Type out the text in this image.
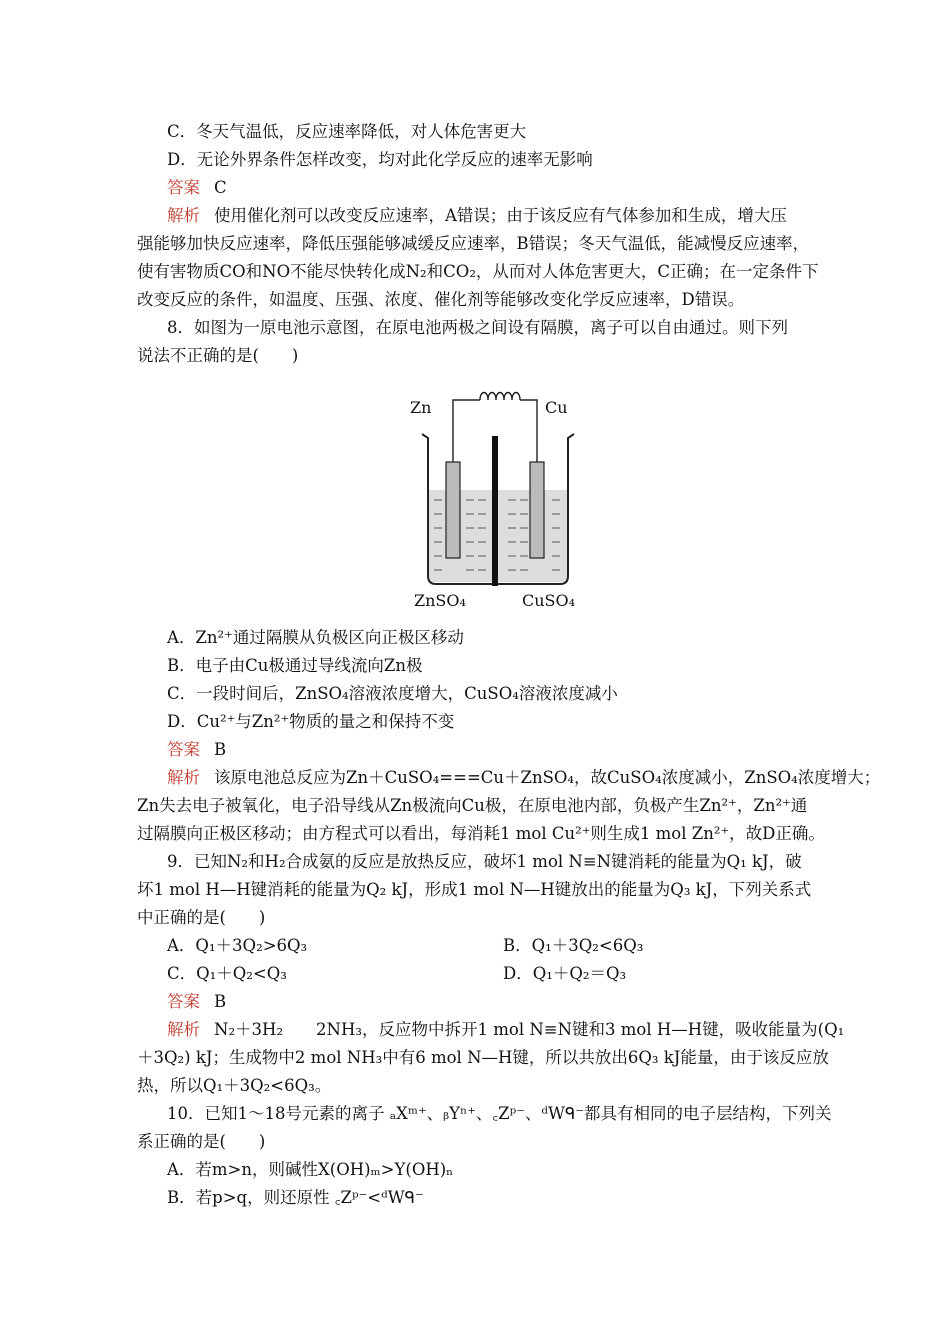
C．冬天气温低，反应速率降低，对人体危害更大
D．无论外界条件怎样改变，均对此化学反应的速率无影响
答案 C
解析 使用催化剂可以改变反应速率，A错误；由于该反应有气体参加和生成，增大压
强能够加快反应速率，降低压强能够减缓反应速率，B错误；冬天气温低，能减慢反应速率，
使有害物质CO和NO不能尽快转化成N₂和CO₂，从而对人体危害更大，C正确；在一定条件下
改变反应的条件，如温度、压强、浓度、催化剂等能够改变化学反应速率，D错误。
8．如图为一原电池示意图，在原电池两极之间设有隔膜，离子可以自由通过。则下列
说法不正确的是(　　)
Zn	Cu
ZnSO₄	CuSO₄
A．Zn²⁺通过隔膜从负极区向正极区移动
B．电子由Cu极通过导线流向Zn极
C．一段时间后，ZnSO₄溶液浓度增大，CuSO₄溶液浓度减小
D．Cu²⁺与Zn²⁺物质的量之和保持不变
答案 B
解析 该原电池总反应为Zn＋CuSO₄===Cu＋ZnSO₄，故CuSO₄浓度减小，ZnSO₄浓度增大；
Zn失去电子被氧化，电子沿导线从Zn极流向Cu极，在原电池内部，负极产生Zn²⁺，Zn²⁺通
过隔膜向正极区移动；由方程式可以看出，每消耗1 mol Cu²⁺则生成1 mol Zn²⁺，故D正确。
9．已知N₂和H₂合成氨的反应是放热反应，破坏1 mol N≡N键消耗的能量为Q₁ kJ，破
坏1 mol H—H键消耗的能量为Q₂ kJ，形成1 mol N—H键放出的能量为Q₃ kJ，下列关系式
中正确的是(　　)
A．Q₁＋3Q₂>6Q₃	B．Q₁＋3Q₂<6Q₃
C．Q₁＋Q₂<Q₃	D．Q₁＋Q₂＝Q₃
答案 B
解析 N₂＋3H₂　　2NH₃，反应物中拆开1 mol N≡N键和3 mol H—H键，吸收能量为(Q₁
＋3Q₂) kJ；生成物中2 mol NH₃中有6 mol N—H键，所以共放出6Q₃ kJ能量，由于该反应放
热，所以Q₁＋3Q₂<6Q₃。
10．已知1～18号元素的离子 ₐXᵐ⁺、ᵦYⁿ⁺、꜀Zᵖ⁻、ᵈWᑫ⁻都具有相同的电子层结构，下列关
系正确的是(　　)
A．若m>n，则碱性X(OH)ₘ>Y(OH)ₙ
B．若p>q，则还原性 ꜀Zᵖ⁻<ᵈWᑫ⁻
